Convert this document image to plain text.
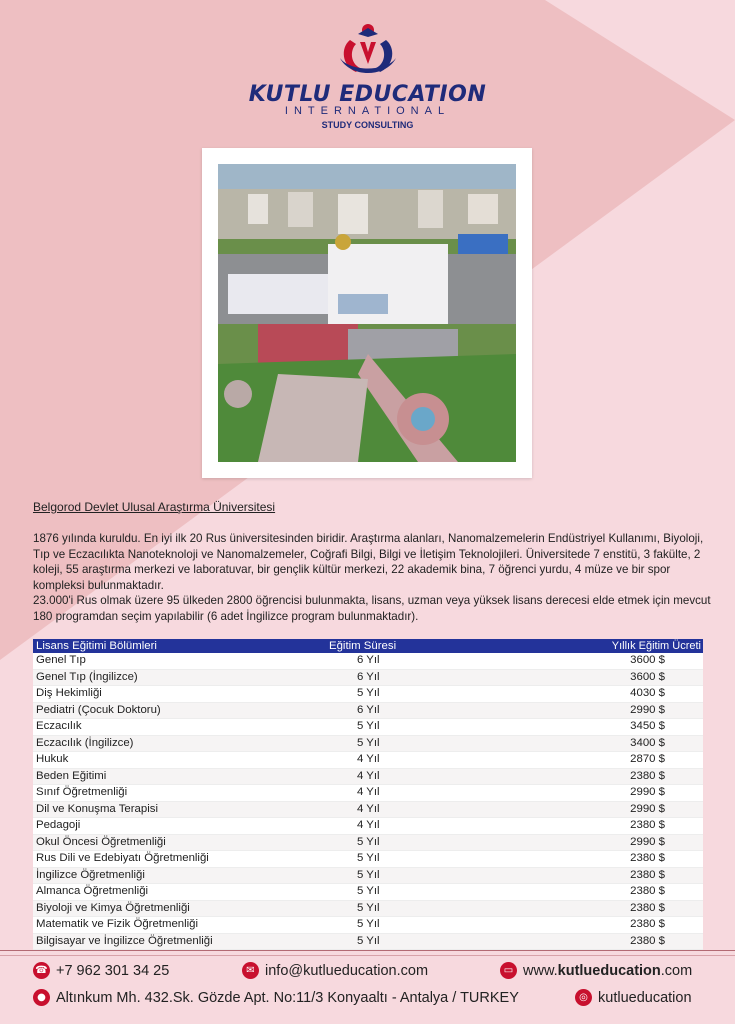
KUTLU EDUCATION
INTERNATIONAL
STUDY CONSULTING
Belgorod Devlet Ulusal Araştırma Üniversitesi

1876 yılında kuruldu. En iyi ilk 20 Rus üniversitesinden biridir. Araştırma alanları, Nanomalzemelerin Endüstriyel Kullanımı, Biyoloji, Tıp ve Eczacılıkta Nanoteknoloji ve Nanomalzemeler, Coğrafi Bilgi, Bilgi ve İletişim Teknolojileri. Üniversitede 7 enstitü, 3 fakülte, 2 koleji, 55 araştırma merkezi ve laboratuvar, bir gençlik kültür merkezi, 22 akademik bina, 7 öğrenci yurdu, 4 müze ve bir spor kompleksi bulunmaktadır.

23.000'i Rus olmak üzere 95 ülkeden 2800 öğrencisi bulunmakta, lisans, uzman veya yüksek lisans derecesi elde etmek için mevcut 180 programdan seçim yapılabilir (6 adet İngilizce program bulunmaktadır).

Lisans Eğitimi Bölümleri	Eğitim Süresi	Yıllık Eğitim Ücreti
Genel Tıp	6 Yıl	3600 $
Genel Tıp (İngilizce)	6 Yıl	3600 $
Diş Hekimliği	5 Yıl	4030 $
Pediatri (Çocuk Doktoru)	6 Yıl	2990 $
Eczacılık	5 Yıl	3450 $
Eczacılık (İngilizce)	5 Yıl	3400 $
Hukuk	4 Yıl	2870 $
Beden Eğitimi	4 Yıl	2380 $
Sınıf Öğretmenliği	4 Yıl	2990 $
Dil ve Konuşma Terapisi	4 Yıl	2990 $
Pedagoji	4 Yıl	2380 $
Okul Öncesi Öğretmenliği	5 Yıl	2990 $
Rus Dili ve Edebiyatı Öğretmenliği	5 Yıl	2380 $
İngilizce Öğretmenliği	5 Yıl	2380 $
Almanca Öğretmenliği	5 Yıl	2380 $
Biyoloji ve Kimya Öğretmenliği	5 Yıl	2380 $
Matematik ve Fizik Öğretmenliği	5 Yıl	2380 $
Bilgisayar ve İngilizce Öğretmenliği	5 Yıl	2380 $
☎ +7 962 301 34 25	✉ info@kutlueducation.com	▭ www.kutlueducation.com
● Altınkum Mh. 432.Sk. Gözde Apt. No:11/3 Konyaaltı - Antalya / TURKEY	◎ kutlueducation
